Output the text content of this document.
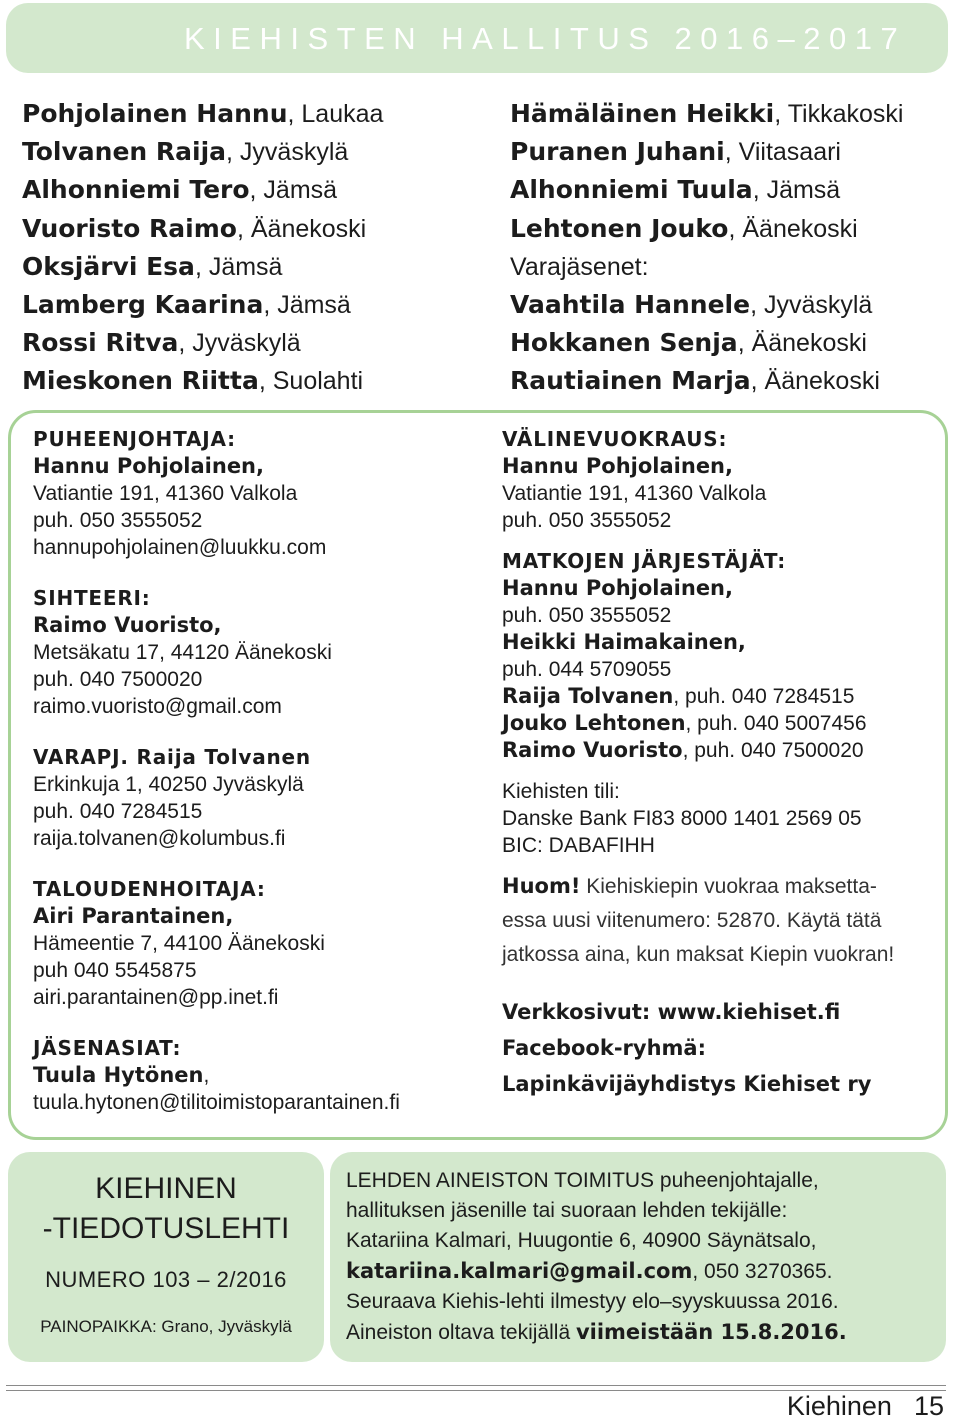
KIEHISTEN HALLITUS 2016–2017
Pohjolainen Hannu, Laukaa
Tolvanen Raija, Jyväskylä
Alhonniemi Tero, Jämsä
Vuoristo Raimo, Äänekoski
Oksjärvi Esa, Jämsä
Lamberg Kaarina, Jämsä
Rossi Ritva, Jyväskylä
Mieskonen Riitta, Suolahti
Hämäläinen Heikki, Tikkakoski
Puranen Juhani, Viitasaari
Alhonniemi Tuula, Jämsä
Lehtonen Jouko, Äänekoski
Varajäsenet:
Vaahtila Hannele, Jyväskylä
Hokkanen Senja, Äänekoski
Rautiainen Marja, Äänekoski
PUHEENJOHTAJA:
Hannu Pohjolainen,
Vatiantie 191, 41360 Valkola
puh. 050 3555052
hannupohjolainen@luukku.com
SIHTEERI:
Raimo Vuoristo,
Metsäkatu 17, 44120 Äänekoski
puh. 040 7500020
raimo.vuoristo@gmail.com
VARAPJ. Raija Tolvanen
Erkinkuja 1, 40250 Jyväskylä
puh. 040 7284515
raija.tolvanen@kolumbus.fi
TALOUDENHOITAJA:
Airi Parantainen,
Hämeentie 7, 44100 Äänekoski
puh 040 5545875
airi.parantainen@pp.inet.fi
JÄSENASIAT:
Tuula Hytönen,
tuula.hytonen@tilitoimistoparantainen.fi
VÄLINEVUOKRAUS:
Hannu Pohjolainen,
Vatiantie 191, 41360 Valkola
puh. 050 3555052
MATKOJEN JÄRJESTÄJÄT:
Hannu Pohjolainen,
puh. 050 3555052
Heikki Haimakainen,
puh. 044 5709055
Raija Tolvanen, puh. 040 7284515
Jouko Lehtonen, puh. 040 5007456
Raimo Vuoristo, puh. 040 7500020
Kiehisten tili:
Danske Bank FI83 8000 1401 2569 05
BIC: DABAFIHH
Huom! Kiehiskiepin vuokraa maksetta-
essa uusi viitenumero: 52870. Käytä tätä
jatkossa aina, kun maksat Kiepin vuokran!
Verkkosivut: www.kiehiset.fi
Facebook-ryhmä:
Lapinkävijäyhdistys Kiehiset ry
KIEHINEN
-TIEDOTUSLEHTI
NUMERO 103 – 2/2016
PAINOPAIKKA: Grano, Jyväskylä
LEHDEN AINEISTON TOIMITUS puheenjohtajalle,
hallituksen jäsenille tai suoraan lehden tekijälle:
Katariina Kalmari, Huugontie 6, 40900 Säynätsalo,
katariina.kalmari@gmail.com, 050 3270365.
Seuraava Kiehis-lehti ilmestyy elo–syyskuussa 2016.
Aineiston oltava tekijällä viimeistään 15.8.2016.
Kiehinen 15
